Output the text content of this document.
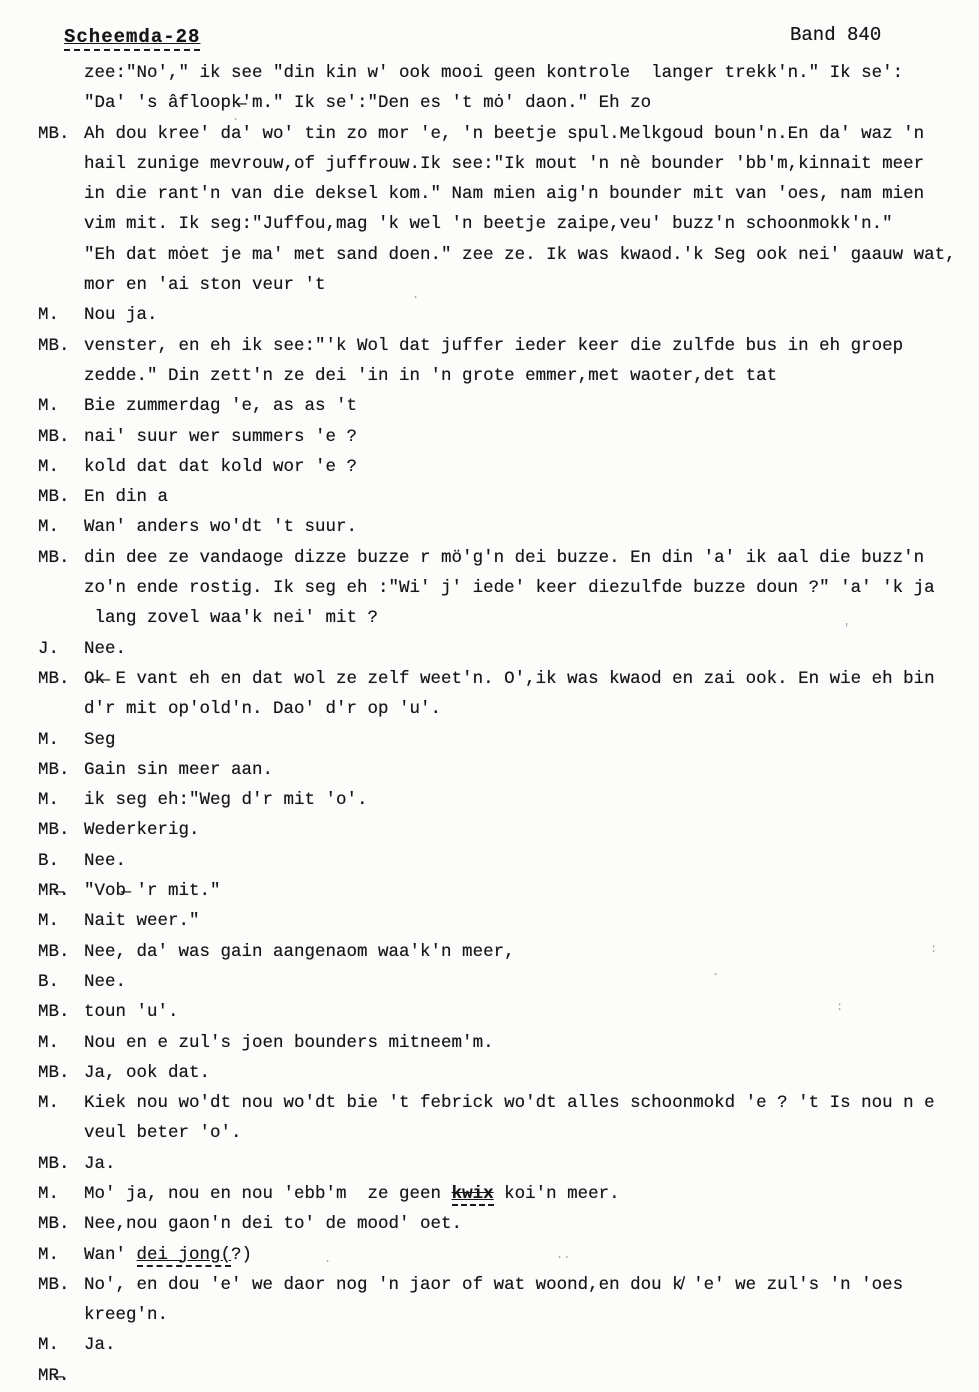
Scheemda-28	Band 840
zee:"No'," ik see "din kin w' ook mooi geen kontrole  langer trekk'n." Ik se':
"Da' 's âfloopk̶'m." Ik se':"Den es 't mȯ' daon." Eh zo
MB. Ah dou kree' da' wo' tin zo mor 'e, 'n beetje spul.Melkgoud boun'n.En da' waz 'n
hail zunige mevrouw,of juffrouw.Ik see:"Ik mout 'n nè bounder 'bb'm,kinnait meer
in die rant'n van die deksel kom." Nam mien aig'n bounder mit van 'oes, nam mien
vim mit. Ik seg:"Juffou,mag 'k wel 'n beetje zaipe,veu' buzz'n schoonmokk'n."
"Eh dat mȯet je ma' met sand doen." zee ze. Ik was kwaod.'k Seg ook nei' gaauw wat,
mor en 'ai ston veur 't
M. Nou ja.
MB. venster, en eh ik see:"'k Wol dat juffer ieder keer die zulfde bus in eh groep
zedde." Din zett'n ze dei 'in in 'n grote emmer,met waoter,det tat
M. Bie zummerdag 'e, as as 't
MB. nai' suur wer summers 'e ?
M. kold dat dat kold wor 'e ?
MB. En din a
M. Wan' anders wo'dt 't suur.
MB. din dee ze vandaoge dizze buzze r mö'g'n dei buzze. En din 'a' ik aal die buzz'n
zo'n ende rostig. Ik seg eh :"Wi' j' iede' keer diezulfde buzze doun ?" 'a' 'k ja
lang zovel waa'k nei' mit ?
J. Nee.
MB. O̶k̶ E vant eh en dat wol ze zelf weet'n. O',ik was kwaod en zai ook. En wie eh bin
d'r mit op'old'n. Dao' d'r op 'u'.
M. Seg
MB. Gain sin meer aan.
M. ik seg eh:"Weg d'r mit 'o'.
MB. Wederkerig.
B. Nee.
MR̶. "Vob̶ 'r mit."
M. Nait weer."
MB. Nee, da' was gain aangenaom waa'k'n meer,
B. Nee.
MB. toun 'u'.
M. Nou en e zul's joen bounders mitneem'm.
MB. Ja, ook dat.
M. Kiek nou wo'dt nou wo'dt bie 't febrick wo'dt alles schoonmokd 'e ? 't Is nou n e
veul beter 'o'.
MB. Ja.
M. Mo' ja, nou en nou 'ebb'm  ze geen kwix koi'n meer.
MB. Nee,nou gaon'n dei to' de mood' oet.
M. Wan' dei jong(?)
MB. No', en dou 'e' we daor nog 'n jaor of wat woond,en dou k̸ 'e' we zul's 'n 'oes
kreeg'n.
M. Ja.
MR̶.
.
.
'
:
.
:
..
.
